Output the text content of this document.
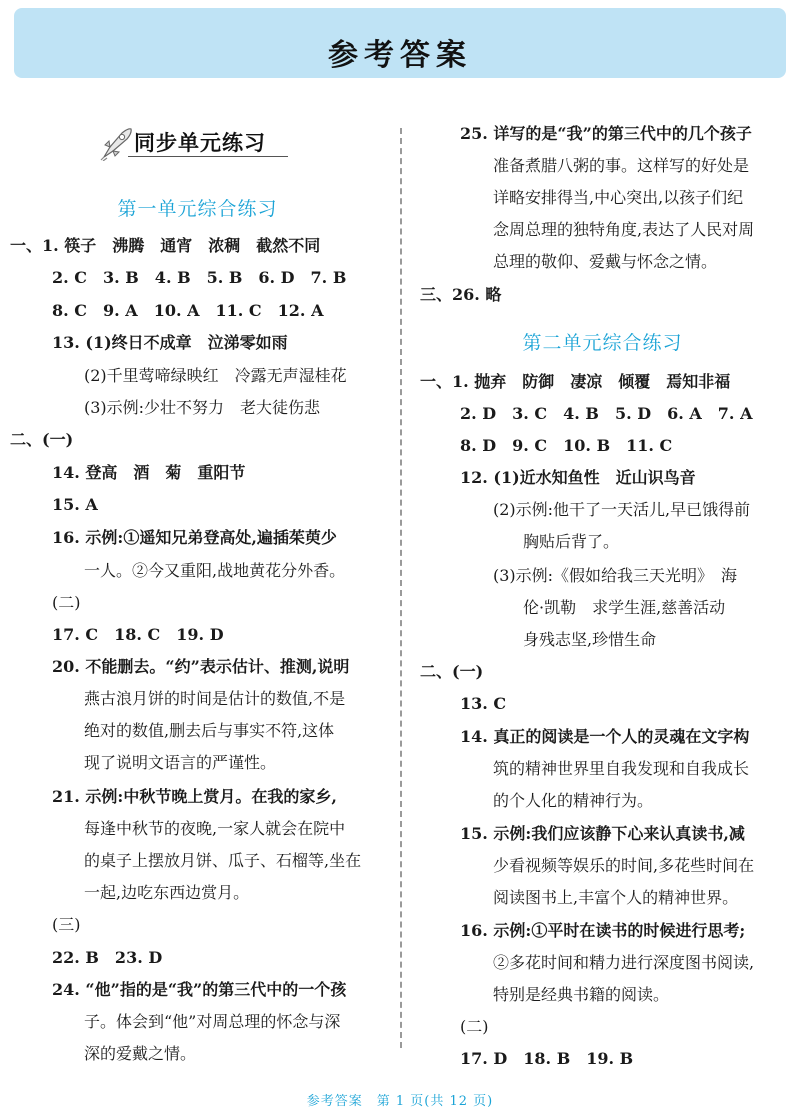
参考答案
同步单元练习
第一单元综合练习
一、1. 筷子　沸腾　通宵　浓稠　截然不同
2. C　3. B　4. B　5. B　6. D　7. B
8. C　9. A　10. A　11. C　12. A
13. (1)终日不成章　泣涕零如雨
(2)千里莺啼绿映红　冷露无声湿桂花
(3)示例:少壮不努力　老大徒伤悲
二、(一)
14. 登高　酒　菊　重阳节
15. A
16. 示例:①遥知兄弟登高处,遍插茱萸少
一人。②今又重阳,战地黄花分外香。
(二)
17. C　18. C　19. D
20. 不能删去。“约”表示估计、推测,说明
燕古浪月饼的时间是估计的数值,不是
绝对的数值,删去后与事实不符,这体
现了说明文语言的严谨性。
21. 示例:中秋节晚上赏月。在我的家乡,
每逢中秋节的夜晚,一家人就会在院中
的桌子上摆放月饼、瓜子、石榴等,坐在
一起,边吃东西边赏月。
(三)
22. B　23. D
24. “他”指的是“我”的第三代中的一个孩
子。体会到“他”对周总理的怀念与深
深的爱戴之情。
25. 详写的是“我”的第三代中的几个孩子
准备煮腊八粥的事。这样写的好处是
详略安排得当,中心突出,以孩子们纪
念周总理的独特角度,表达了人民对周
总理的敬仰、爱戴与怀念之情。
三、26. 略
第二单元综合练习
一、1. 抛弃　防御　凄凉　倾覆　焉知非福
2. D　3. C　4. B　5. D　6. A　7. A
8. D　9. C　10. B　11. C
12. (1)近水知鱼性　近山识鸟音
(2)示例:他干了一天活儿,早已饿得前
胸贴后背了。
(3)示例:《假如给我三天光明》　海
伦·凯勒　求学生涯,慈善活动
身残志坚,珍惜生命
二、(一)
13. C
14. 真正的阅读是一个人的灵魂在文字构
筑的精神世界里自我发现和自我成长
的个人化的精神行为。
15. 示例:我们应该静下心来认真读书,减
少看视频等娱乐的时间,多花些时间在
阅读图书上,丰富个人的精神世界。
16. 示例:①平时在读书的时候进行思考;
②多花时间和精力进行深度图书阅读,
特别是经典书籍的阅读。
(二)
17. D　18. B　19. B
参考答案　第 1 页(共 12 页)
